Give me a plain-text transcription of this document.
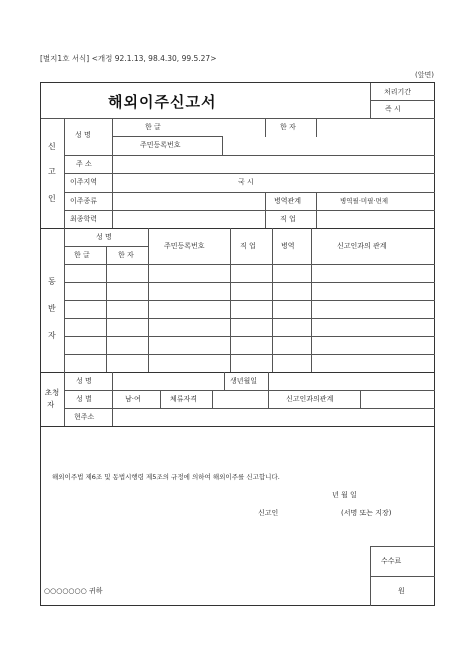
[별지1호 서식] <개정 92.1.13, 98.4.30, 99.5.27>
(앞면)
해외이주신고서
처리기간
즉 시
신
고
인
성 명
한 글	한 자
주민등록번호
주 소
이주지역	국 시
이주종류	병역관계	병역필·미필·면제
최종학력	직 업
동
반
자
성 명
한 글	한 자
주민등록번호	직 업	병역	신고인과의 관계
초청
자
성 명	생년월일
성 별	남·여	체류자격	신고인과의관계
현주소
해외이주법 제6조 및 동법시행령 제5조의 규정에 의하여 해외이주를 신고합니다.
년 월 일
신고인	(서명 또는 지장)
수수료
원
○○○○○○○ 귀하
